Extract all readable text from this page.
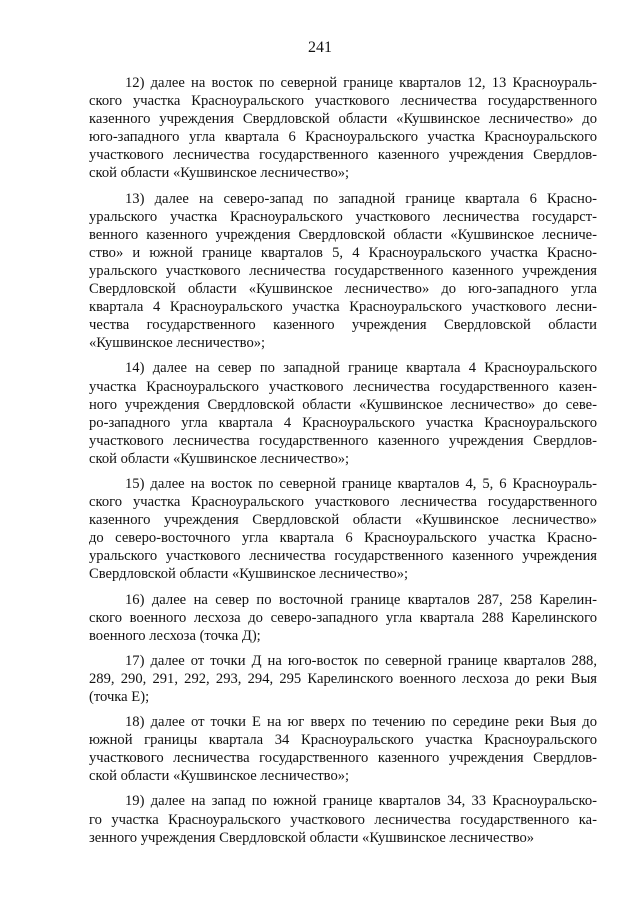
241

12) далее на восток по северной границе кварталов 12, 13 Красноураль-
ского участка Красноуральского участкового лесничества государственного
казенного учреждения Свердловской области «Кушвинское лесничество» до
юго-западного угла квартала 6 Красноуральского участка Красноуральского
участкового лесничества государственного казенного учреждения Свердлов-
ской области «Кушвинское лесничество»;

13) далее на северо-запад по западной границе квартала 6 Красно-
уральского участка Красноуральского участкового лесничества государст-
венного казенного учреждения Свердловской области «Кушвинское лесниче-
ство» и южной границе кварталов 5, 4 Красноуральского участка Красно-
уральского участкового лесничества государственного казенного учреждения
Свердловской области «Кушвинское лесничество» до юго-западного угла
квартала 4 Красноуральского участка Красноуральского участкового лесни-
чества государственного казенного учреждения Свердловской области
«Кушвинское лесничество»;

14) далее на север по западной границе квартала 4 Красноуральского
участка Красноуральского участкового лесничества государственного казен-
ного учреждения Свердловской области «Кушвинское лесничество» до севе-
ро-западного угла квартала 4 Красноуральского участка Красноуральского
участкового лесничества государственного казенного учреждения Свердлов-
ской области «Кушвинское лесничество»;

15) далее на восток по северной границе кварталов 4, 5, 6 Красноураль-
ского участка Красноуральского участкового лесничества государственного
казенного учреждения Свердловской области «Кушвинское лесничество»
до северо-восточного угла квартала 6 Красноуральского участка Красно-
уральского участкового лесничества государственного казенного учреждения
Свердловской области «Кушвинское лесничество»;

16) далее на север по восточной границе кварталов 287, 258 Карелин-
ского военного лесхоза до северо-западного угла квартала 288 Карелинского
военного лесхоза (точка Д);

17) далее от точки Д на юго-восток по северной границе кварталов 288,
289, 290, 291, 292, 293, 294, 295 Карелинского военного лесхоза до реки Выя
(точка Е);

18) далее от точки Е на юг вверх по течению по середине реки Выя до
южной границы квартала 34 Красноуральского участка Красноуральского
участкового лесничества государственного казенного учреждения Свердлов-
ской области «Кушвинское лесничество»;

19) далее на запад по южной границе кварталов 34, 33 Красноуральско-
го участка Красноуральского участкового лесничества государственного ка-
зенного учреждения Свердловской области «Кушвинское лесничество»
